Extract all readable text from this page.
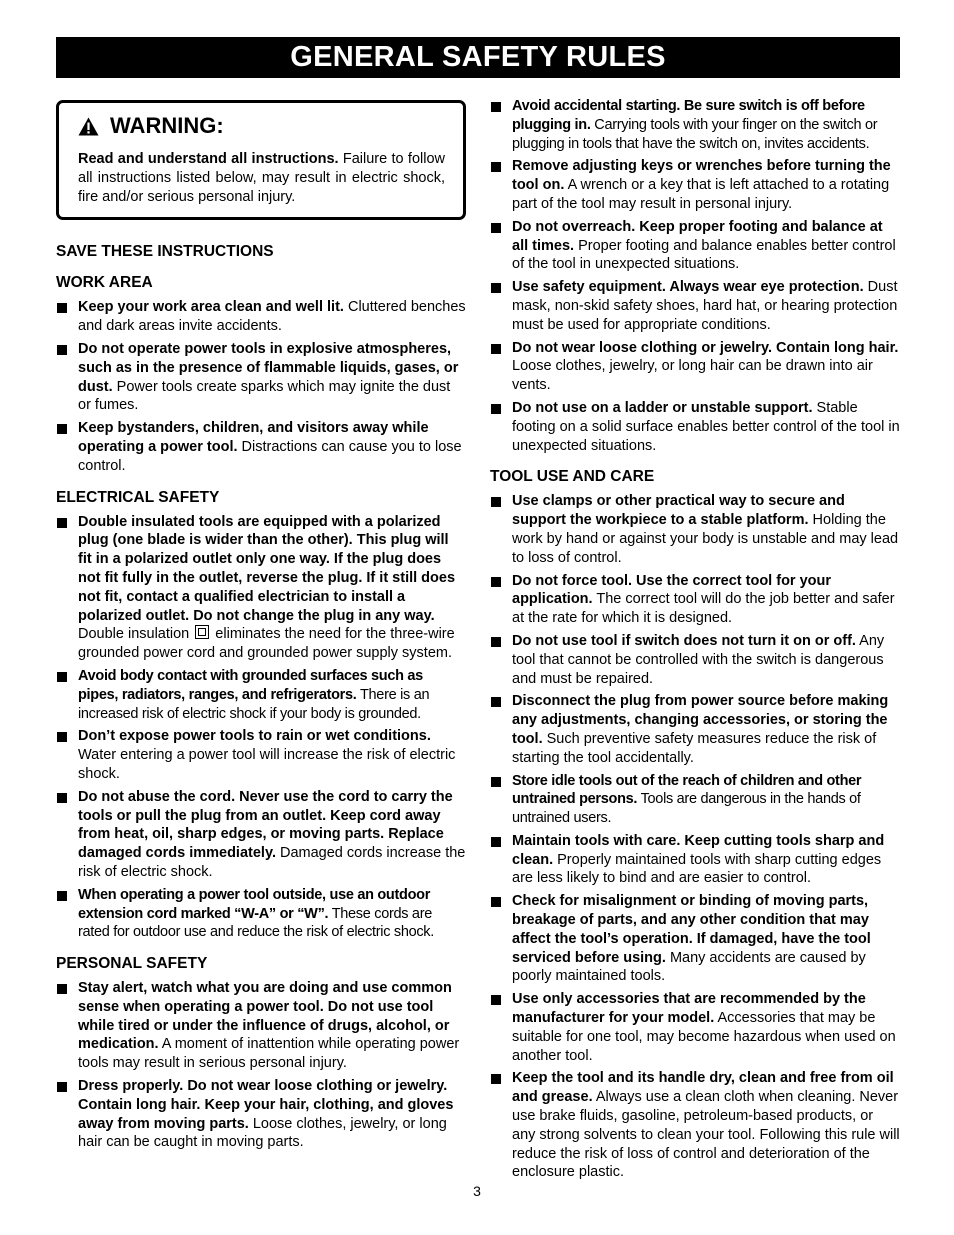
GENERAL SAFETY RULES
WARNING:
Read and understand all instructions. Failure to follow all instructions listed below, may result in electric shock, fire and/or serious personal injury.
SAVE THESE INSTRUCTIONS
WORK AREA
Keep your work area clean and well lit. Cluttered benches and dark areas invite accidents.
Do not operate power tools in explosive atmospheres, such as in the presence of flammable liquids, gases, or dust. Power tools create sparks which may ignite the dust or fumes.
Keep bystanders, children, and visitors away while operating a power tool. Distractions can cause you to lose control.
ELECTRICAL SAFETY
Double insulated tools are equipped with a polarized plug (one blade is wider than the other). This plug will fit in a polarized outlet only one way. If the plug does not fit fully in the outlet, reverse the plug. If it still does not fit, contact a qualified electrician to install a polarized outlet. Do not change the plug in any way. Double insulation  eliminates the need for the three-wire grounded power cord and grounded power supply system.
Avoid body contact with grounded surfaces such as pipes, radiators, ranges, and refrigerators. There is an increased risk of electric shock if your body is grounded.
Don’t expose power tools to rain or wet conditions. Water entering a power tool will increase the risk of electric shock.
Do not abuse the cord. Never use the cord to carry the tools or pull the plug from an outlet. Keep cord away from heat, oil, sharp edges, or moving parts. Replace damaged cords immediately. Damaged cords increase the risk of electric shock.
When operating a power tool outside, use an outdoor extension cord marked “W-A” or “W”. These cords are rated for outdoor use and reduce the risk of electric shock.
PERSONAL SAFETY
Stay alert, watch what you are doing and use common sense when operating a power tool. Do not use tool while tired or under the influence of drugs, alcohol, or medication. A moment of inattention while operating power tools may result in serious personal injury.
Dress properly. Do not wear loose clothing or jewelry. Contain long hair. Keep your hair, clothing, and gloves away from moving parts. Loose clothes, jewelry, or long hair can be caught in moving parts.
Avoid accidental starting. Be sure switch is off before plugging in. Carrying tools with your finger on the switch or plugging in tools that have the switch on, invites accidents.
Remove adjusting keys or wrenches before turning the tool on. A wrench or a key that is left attached to a rotating part of the tool may result in personal injury.
Do not overreach. Keep proper footing and balance at all times. Proper footing and balance enables better control of the tool in unexpected situations.
Use safety equipment. Always wear eye protection. Dust mask, non-skid safety shoes, hard hat, or hearing protection must be used for appropriate conditions.
Do not wear loose clothing or jewelry. Contain long hair. Loose clothes, jewelry, or long hair can be drawn into air vents.
Do not use on a ladder or unstable support. Stable footing on a solid surface enables better control of the tool in unexpected situations.
TOOL USE AND CARE
Use clamps or other practical way to secure and support the workpiece to a stable platform. Holding the work by hand or against your body is unstable and may lead to loss of control.
Do not force tool. Use the correct tool for your application. The correct tool will do the job better and safer at the rate for which it is designed.
Do not use tool if switch does not turn it on or off. Any tool that cannot be controlled with the switch is dangerous and must be repaired.
Disconnect the plug from power source before making any adjustments, changing accessories, or storing the tool. Such preventive safety measures reduce the risk of starting the tool accidentally.
Store idle tools out of the reach of children and other untrained persons. Tools are dangerous in the hands of untrained users.
Maintain tools with care. Keep cutting tools sharp and clean. Properly maintained tools with sharp cutting edges are less likely to bind and are easier to control.
Check for misalignment or binding of moving parts, breakage of parts, and any other condition that may affect the tool’s operation. If damaged, have the tool serviced before using. Many accidents are caused by poorly maintained tools.
Use only accessories that are recommended by the manufacturer for your model. Accessories that may be suitable for one tool, may become hazardous when used on another tool.
Keep the tool and its handle dry, clean and free from oil and grease. Always use a clean cloth when cleaning. Never use brake fluids, gasoline, petroleum-based products, or any strong solvents to clean your tool. Following this rule will reduce the risk of loss of control and deterioration of the enclosure plastic.
3
